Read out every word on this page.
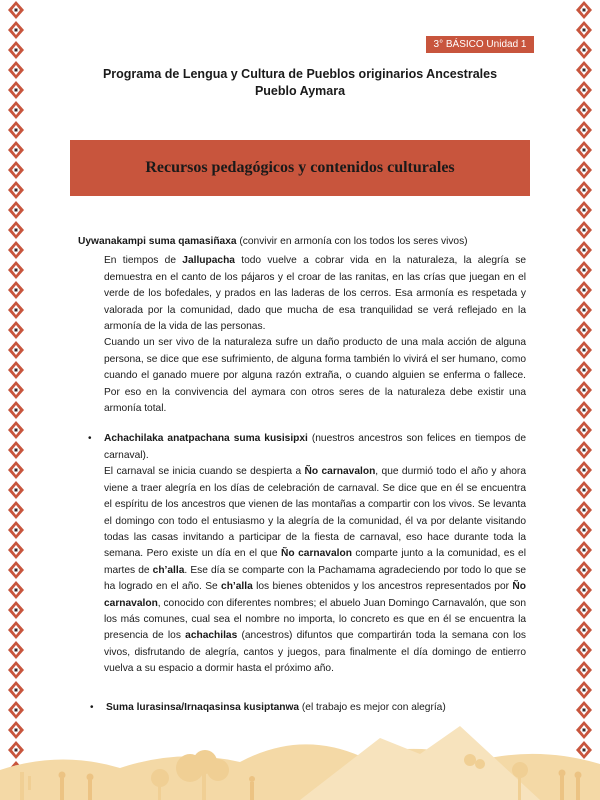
3° BÁSICO Unidad 1
Programa de Lengua y Cultura de Pueblos originarios Ancestrales
Pueblo Aymara
Recursos pedagógicos y contenidos culturales
Uywanakampi suma qamasiñaxa (convivir en armonía con los todos los seres vivos)

En tiempos de Jallupacha todo vuelve a cobrar vida en la naturaleza, la alegría se demuestra en el canto de los pájaros y el croar de las ranitas, en las crías que juegan en el verde de los bofedales, y prados en las laderas de los cerros. Esa armonía es respetada y valorada por la comunidad, dado que mucha de esa tranquilidad se verá reflejado en la armonía de la vida de las personas.

Cuando un ser vivo de la naturaleza sufre un daño producto de una mala acción de alguna persona, se dice que ese sufrimiento, de alguna forma también lo vivirá el ser humano, como cuando el ganado muere por alguna razón extraña, o cuando alguien se enferma o fallece. Por eso en la convivencia del aymara con otros seres de la naturaleza debe existir una armonía total.

• Achachilaka anatpachana suma kusisipxi (nuestros ancestros son felices en tiempos de carnaval).

El carnaval se inicia cuando se despierta a Ño carnavalon, que durmió todo el año y ahora viene a traer alegría en los días de celebración de carnaval. Se dice que en él se encuentra el espíritu de los ancestros que vienen de las montañas a compartir con los vivos. Se levanta el domingo con todo el entusiasmo y la alegría de la comunidad, él va por delante visitando todas las casas invitando a participar de la fiesta de carnaval, eso hace durante toda la semana. Pero existe un día en el que Ño carnavalon comparte junto a la comunidad, es el martes de ch’alla. Ese día se comparte con la Pachamama agradeciendo por todo lo que se ha logrado en el año. Se ch’alla los bienes obtenidos y los ancestros representados por Ño carnavalon, conocido con diferentes nombres; el abuelo Juan Domingo Carnavalón, que son los más comunes, cual sea el nombre no importa, lo concreto es que en él se encuentra la presencia de los achachilas (ancestros) difuntos que compartirán toda la semana con los vivos, disfrutando de alegría, cantos y juegos, para finalmente el día domingo de entierro vuelva a su espacio a dormir hasta el próximo año.

• Suma lurasinsa/Irnaqasinsa kusiptanwa (el trabajo es mejor con alegría)
